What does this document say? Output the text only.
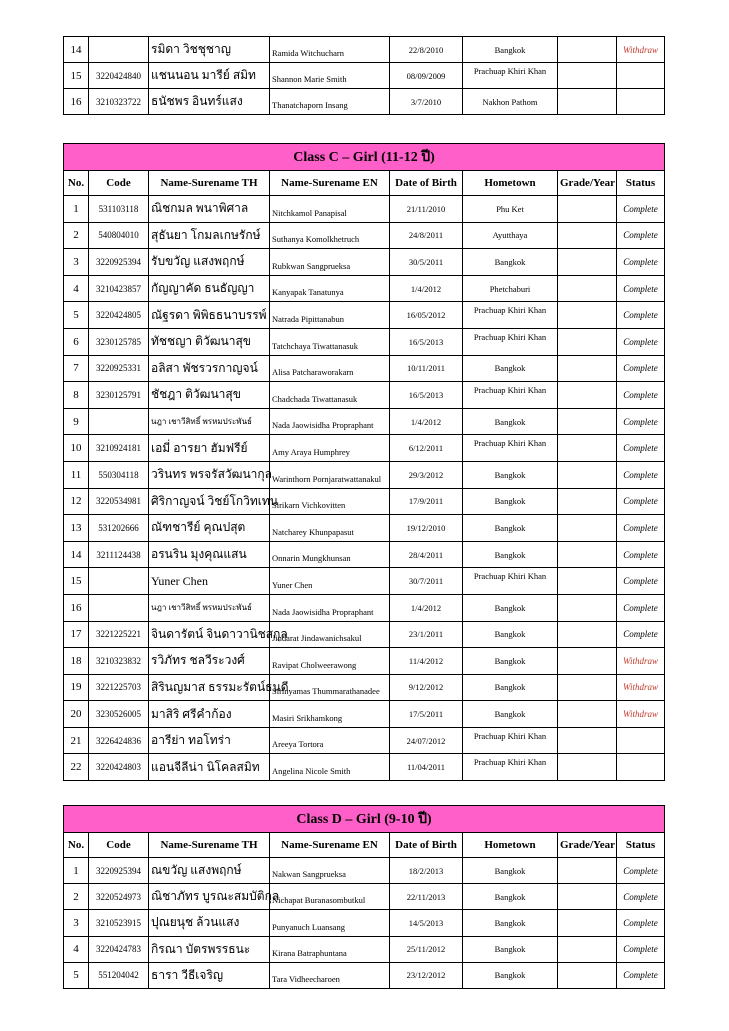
14		รมิดา วิชชุชาญ	Ramida Witchucharn	22/8/2010	Bangkok		Withdraw
15	3220424840	แชนนอน มารีย์ สมิท	Shannon Marie Smith	08/09/2009	Prachuap Khiri Khan		
16	3210323722	ธนัชพร อินทร์แสง	Thanatchaporn Insang	3/7/2010	Nakhon Pathom		
Class C – Girl (11-12 ปี)							
No.	Code	Name-Surename TH	Name-Surename EN	Date of Birth	Hometown	Grade/Year	Status
1	531103118	ณิชกมล พนาพิศาล	Nitchkamol Panapisal	21/11/2010	Phu Ket		Complete
2	540804010	สุธันยา โกมลเกษรักษ์	Suthanya Komolkhetruch	24/8/2011	Ayutthaya		Complete
3	3220925394	รับขวัญ แสงพฤกษ์	Rubkwan Sangprueksa	30/5/2011	Bangkok		Complete
4	3210423857	กัญญาคัด ธนธัญญา	Kanyapak Tanatunya	1/4/2012	Phetchaburi		Complete
5	3220424805	ณัฐรดา พิพิธธนาบรรพ์	Natrada Pipittanabun	16/05/2012	Prachuap Khiri Khan		Complete
6	3230125785	ทัชชญา ติวัฒนาสุข	Tatchchaya Tiwattanasuk	16/5/2013	Prachuap Khiri Khan		Complete
7	3220925331	อลิสา พัชรวรกาญจน์	Alisa Patcharaworakarn	10/11/2011	Bangkok		Complete
8	3230125791	ชัชฎา ติวัฒนาสุข	Chadchada Tiwattanasuk	16/5/2013	Prachuap Khiri Khan		Complete
9		นฎา เชาวีสิทธิ์ พรหมประพันธ์	Nada Jaowisidha Propraphant	1/4/2012	Bangkok		Complete
10	3210924181	เอมี่ อารยา ฮัมฟรีย์	Amy Araya Humphrey	6/12/2011	Prachuap Khiri Khan		Complete
11	550304118	วรินทร พรจรัสวัฒนากุล	Warinthorn Pornjaratwattanakul	29/3/2012	Bangkok		Complete
12	3220534981	ศิริกาญจน์ วิชย์โกวิทเทน	Sirikarn Vichkovitten	17/9/2011	Bangkok		Complete
13	531202666	ณัฑชารีย์ คุณปสุต	Natcharey Khunpapasut	19/12/2010	Bangkok		Complete
14	3211124438	อรนริน มุงคุณแสน	Onnarin Mungkhunsan	28/4/2011	Bangkok		Complete
15		Yuner Chen	Yuner Chen	30/7/2011	Prachuap Khiri Khan		Complete
16		นฎา เชาวีสิทธิ์ พรหมประพันธ์	Nada Jaowisidha Propraphant	1/4/2012	Bangkok		Complete
17	3221225221	จินดารัตน์ จินดาวานิชสกุล	Jindarat Jindawanichsakul	23/1/2011	Bangkok		Complete
18	3210323832	รวิภัทร ชลวีระวงศ์	Ravipat Cholweerawong	11/4/2012	Bangkok		Withdraw
19	3221225703	สิรินญมาส ธรรมะรัตน์ธนดี	Sirinyamas Thummarathanadee	9/12/2012	Bangkok		Withdraw
20	3230526005	มาสิริ ศรีคำก้อง	Masiri Srikhamkong	17/5/2011	Bangkok		Withdraw
21	3226424836	อารีย่า ทอโทร่า	Areeya Tortora	24/07/2012	Prachuap Khiri Khan		
22	3220424803	แอนจีลีน่า นิโคลสมิท	Angelina Nicole Smith	11/04/2011	Prachuap Khiri Khan		
Class D – Girl (9-10 ปี)							
No.	Code	Name-Surename TH	Name-Surename EN	Date of Birth	Hometown	Grade/Year	Status
1	3220925394	ณขวัญ แสงพฤกษ์	Nakwan Sangprueksa	18/2/2013	Bangkok		Complete
2	3220524973	ณิชาภัทร บูรณะสมบัติกุล	Nichapat Buranasombutkul	22/11/2013	Bangkok		Complete
3	3210523915	ปุณยนุช ล้วนแสง	Punyanuch Luansang	14/5/2013	Bangkok		Complete
4	3220424783	กิรณา บัตรพรรธนะ	Kirana Batraphuntana	25/11/2012	Bangkok		Complete
5	551204042	ธารา วีธีเจริญ	Tara Vidheecharoen	23/12/2012	Bangkok		Complete
